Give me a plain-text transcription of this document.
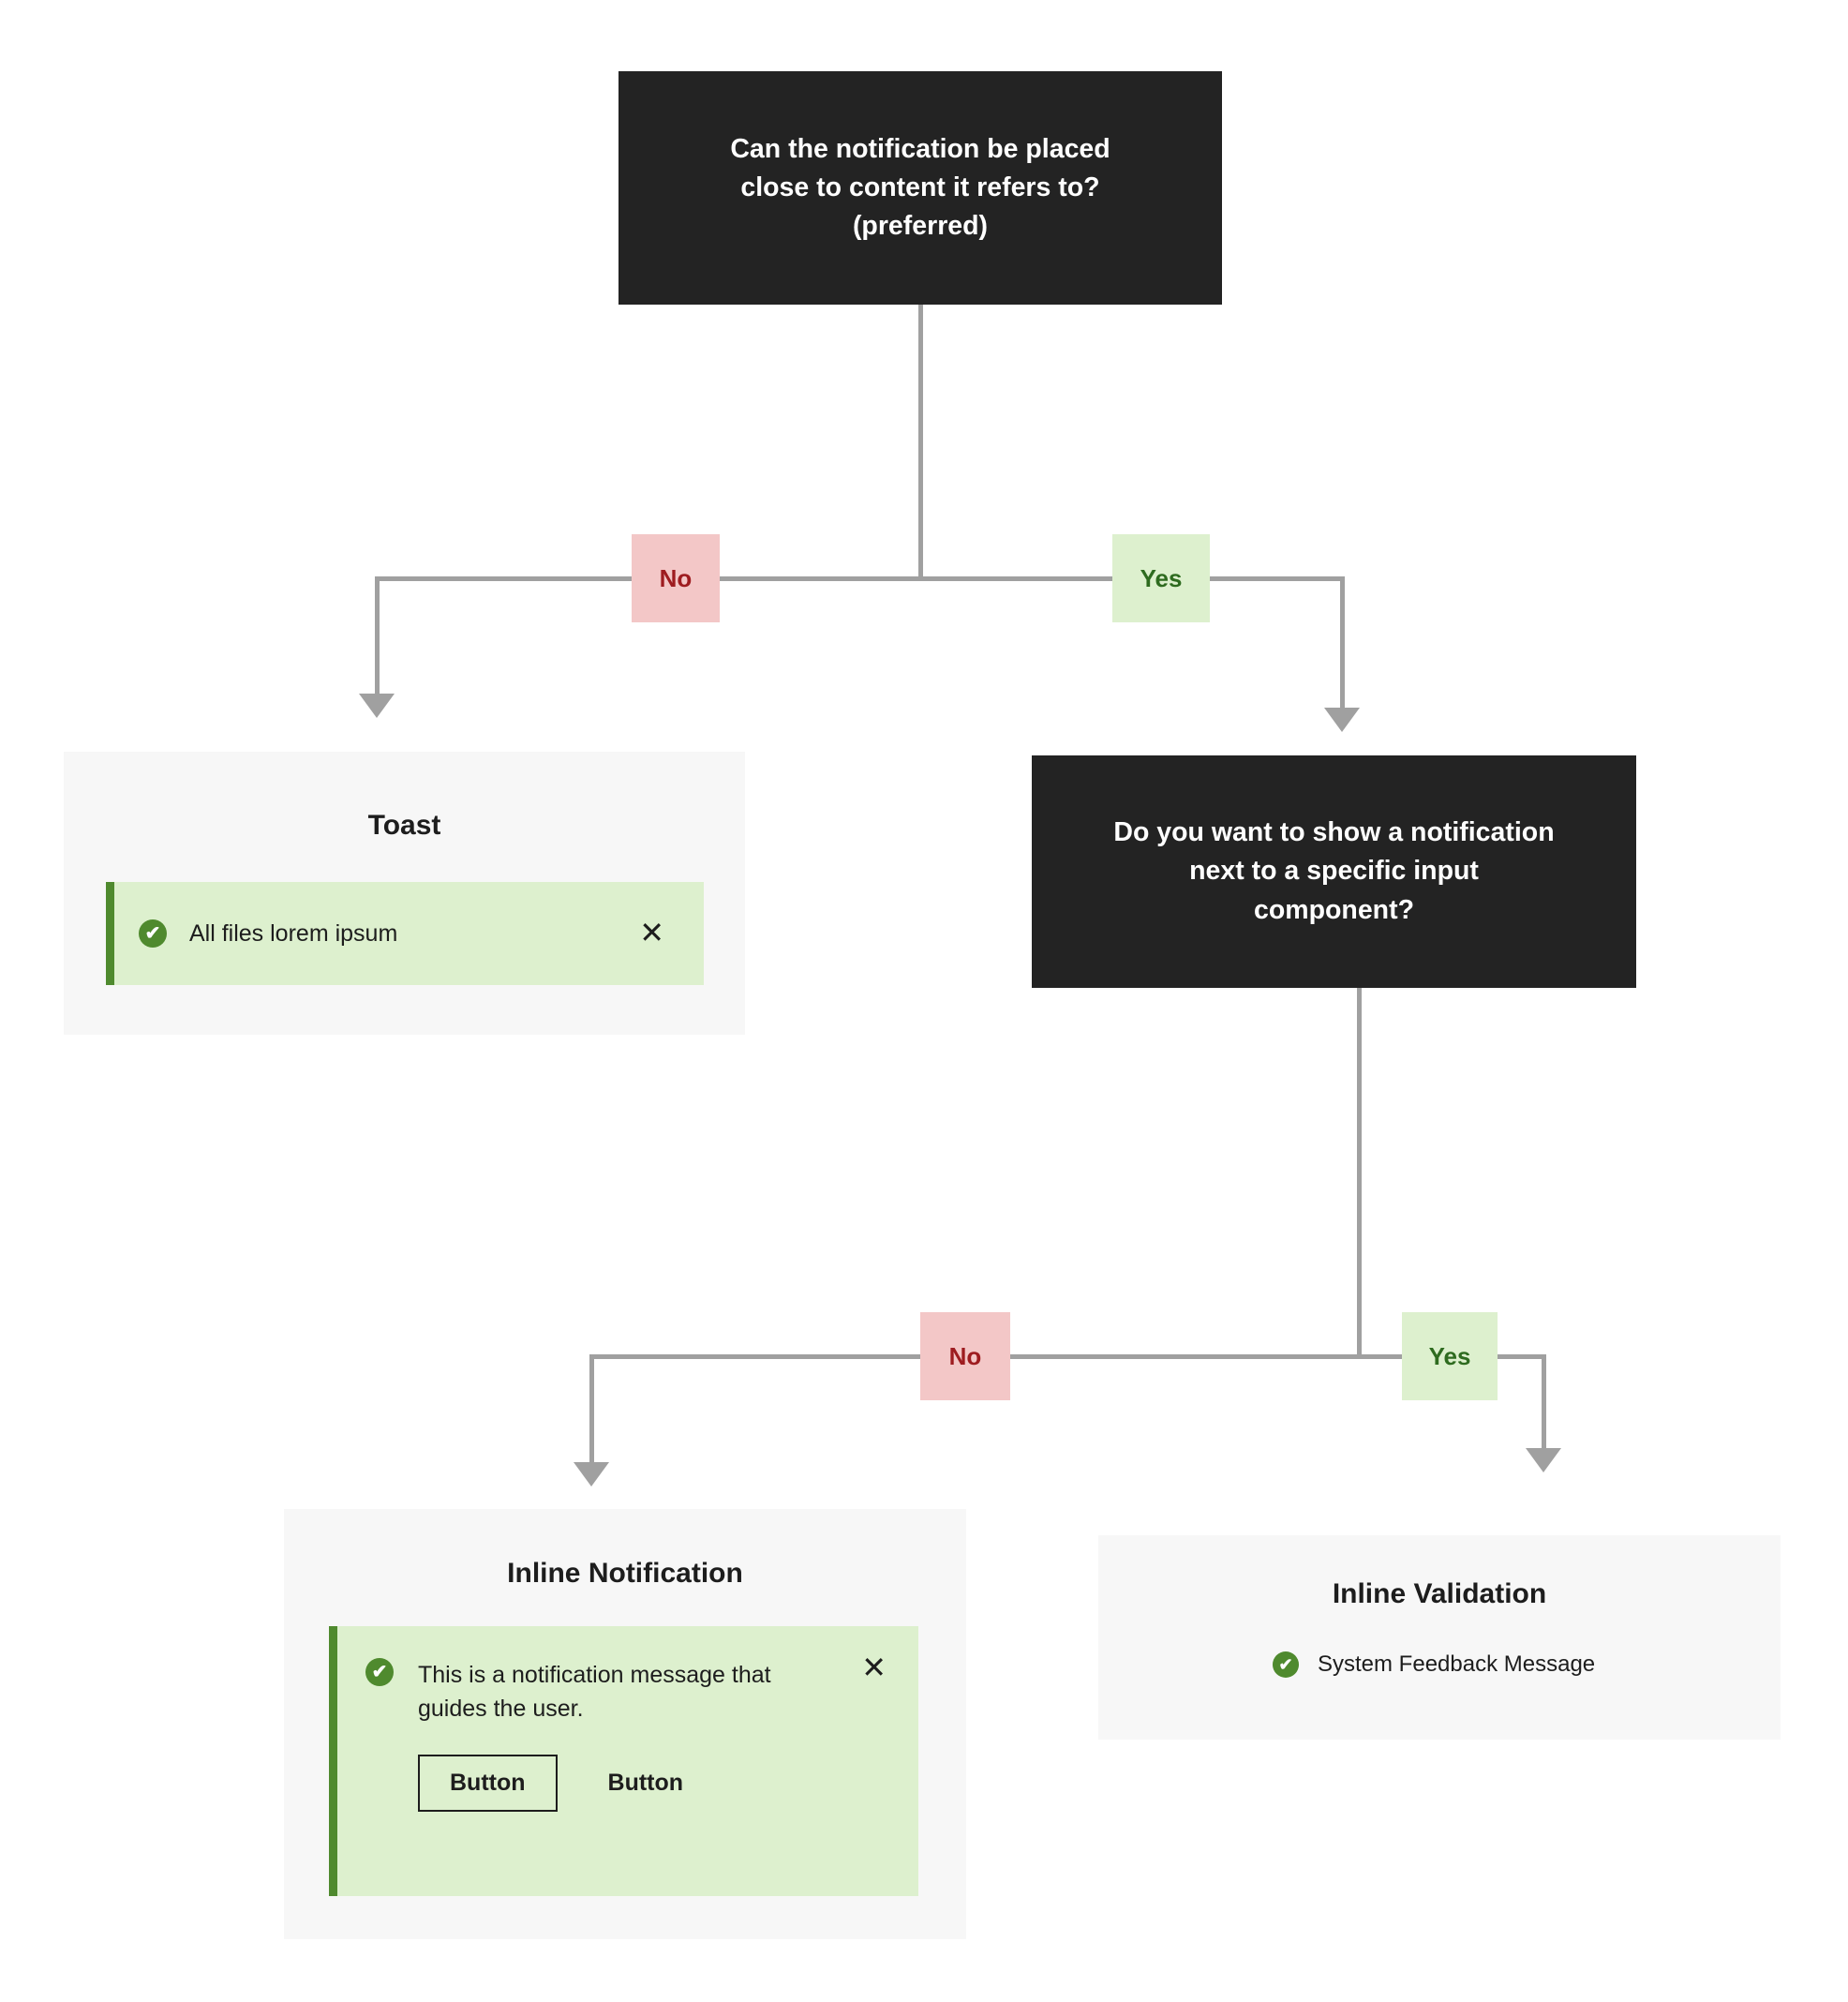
Can the notification be placed
close to content it refers to?
(preferred)
No	Yes
Toast
✔ All files lorem ipsum	✕
Do you want to show a notification
next to a specific input
component?
No	Yes
Inline Notification
✔ This is a notification message that guides the user.
Button	Button
✕
Inline Validation
✔ System Feedback Message
